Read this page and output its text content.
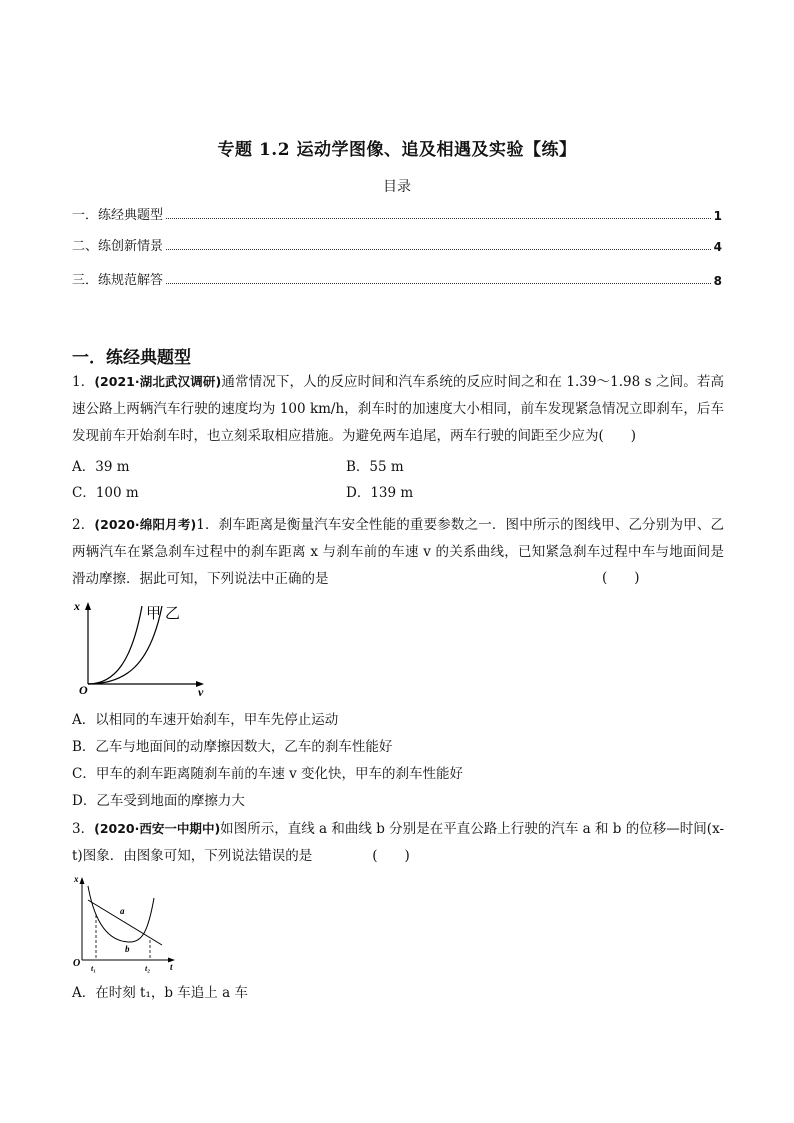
专题 1.2 运动学图像、追及相遇及实验【练】
目录
一．练经典题型	1
二、练创新情景	4
三．练规范解答	8
一．练经典题型
1．(2021·湖北武汉调研)通常情况下，人的反应时间和汽车系统的反应时间之和在 1.39～1.98 s 之间。若高速公路上两辆汽车行驶的速度均为 100 km/h，刹车时的加速度大小相同，前车发现紧急情况立即刹车，后车发现前车开始刹车时，也立刻采取相应措施。为避免两车追尾，两车行驶的间距至少应为(　　)
A．39 m	B．55 m
C．100 m	D．139 m
2．(2020·绵阳月考)1．刹车距离是衡量汽车安全性能的重要参数之一．图中所示的图线甲、乙分别为甲、乙两辆汽车在紧急刹车过程中的刹车距离 x 与刹车前的车速 v 的关系曲线，已知紧急刹车过程中车与地面间是滑动摩擦．据此可知，下列说法中正确的是	(　　)
x
v
O
甲 乙
A．以相同的车速开始刹车，甲车先停止运动
B．乙车与地面间的动摩擦因数大，乙车的刹车性能好
C．甲车的刹车距离随刹车前的车速 v 变化快，甲车的刹车性能好
D．乙车受到地面的摩擦力大
3．(2020·西安一中期中)如图所示，直线 a 和曲线 b 分别是在平直公路上行驶的汽车 a 和 b 的位移—时间(x-t)图象．由图象可知，下列说法错误的是	(　　)
x
t
O
a
b
t₁	t₂
A．在时刻 t₁，b 车追上 a 车
